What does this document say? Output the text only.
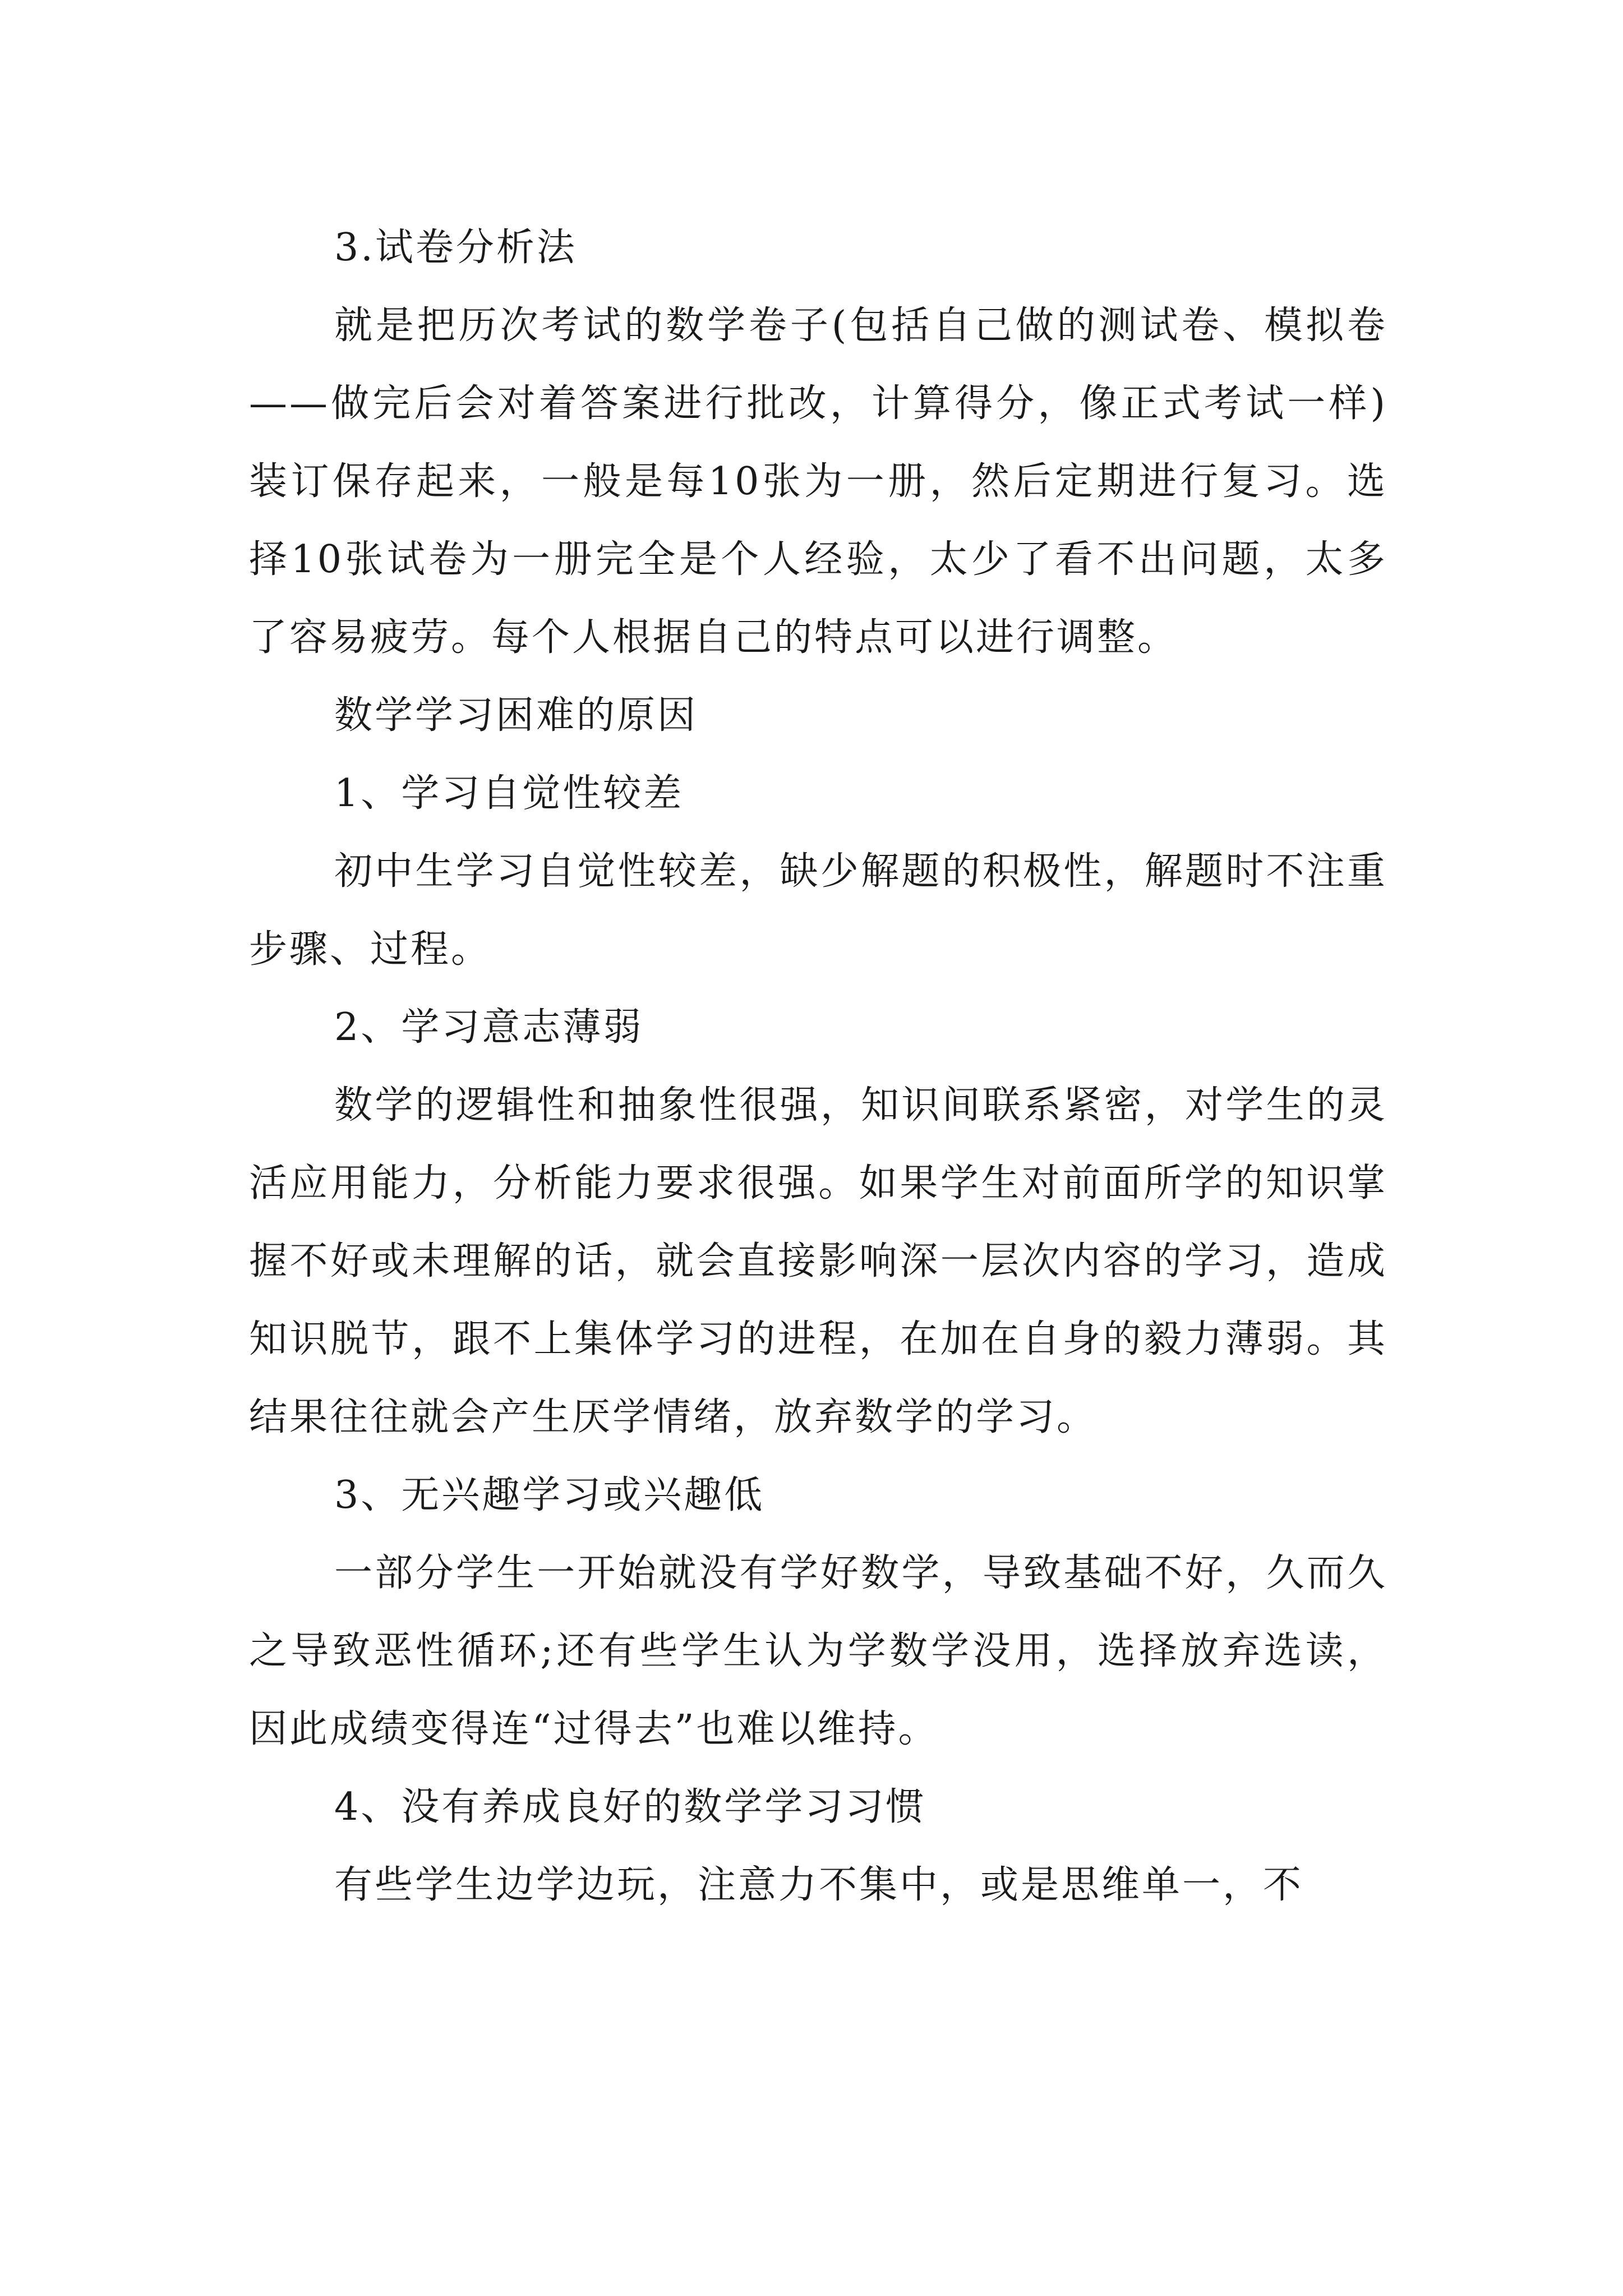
3.试卷分析法

就是把历次考试的数学卷子(包括自己做的测试卷、模拟卷——做完后会对着答案进行批改，计算得分，像正式考试一样)装订保存起来，一般是每10张为一册，然后定期进行复习。选择10张试卷为一册完全是个人经验，太少了看不出问题，太多了容易疲劳。每个人根据自己的特点可以进行调整。

数学学习困难的原因

1、学习自觉性较差

初中生学习自觉性较差，缺少解题的积极性，解题时不注重步骤、过程。

2、学习意志薄弱

数学的逻辑性和抽象性很强，知识间联系紧密，对学生的灵活应用能力，分析能力要求很强。如果学生对前面所学的知识掌握不好或未理解的话，就会直接影响深一层次内容的学习，造成知识脱节，跟不上集体学习的进程，在加在自身的毅力薄弱。其结果往往就会产生厌学情绪，放弃数学的学习。

3、无兴趣学习或兴趣低

一部分学生一开始就没有学好数学，导致基础不好，久而久之导致恶性循环;还有些学生认为学数学没用，选择放弃选读，因此成绩变得连“过得去”也难以维持。

4、没有养成良好的数学学习习惯

有些学生边学边玩，注意力不集中，或是思维单一，不
